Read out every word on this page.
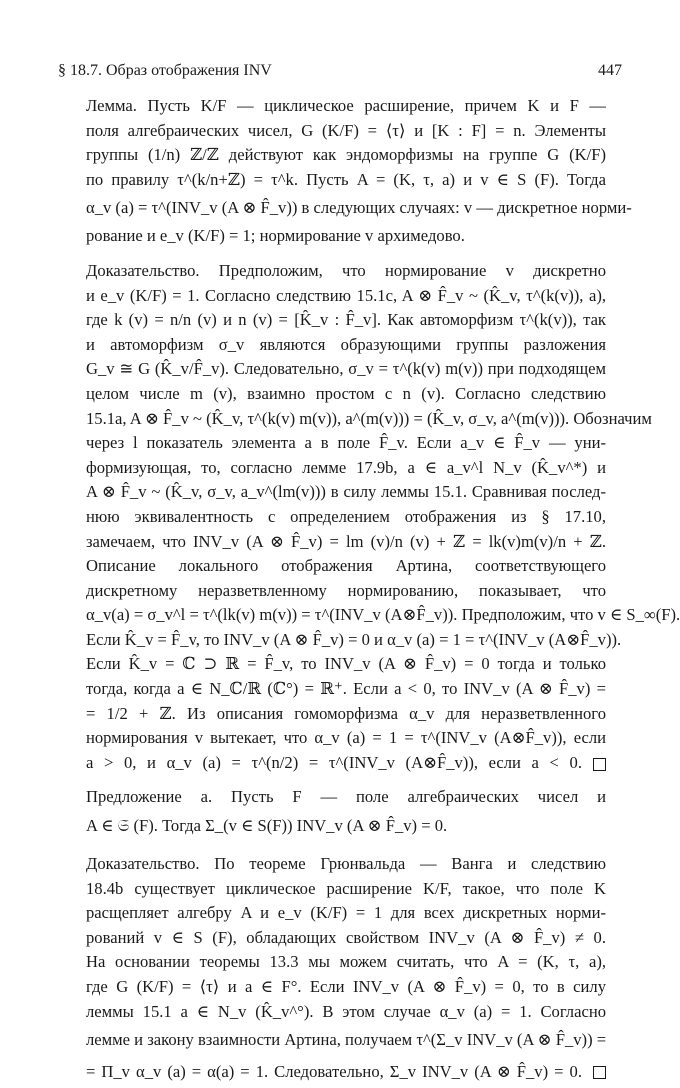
§ 18.7. Образ отображения INV	447
Лемма. Пусть K/F — циклическое расширение, причем K и F —
поля алгебраических чисел, G (K/F) = ⟨τ⟩ и [K : F] = n. Элементы
группы (1/n) ℤ/ℤ действуют как эндоморфизмы на группе G (K/F)
по правилу τ^(k/n+ℤ) = τ^k. Пусть A = (K, τ, a) и v ∈ S (F). Тогда
α_v (a) = τ^(INV_v (A ⊗ F̂_v)) в следующих случаях: v — дискретное норми-
рование и e_v (K/F) = 1; нормирование v архимедово.
Доказательство. Предположим, что нормирование v дискретно
и e_v (K/F) = 1. Согласно следствию 15.1c, A ⊗ F̂_v ~ (K̂_v, τ^(k(v)), a),
где k (v) = n/n (v) и n (v) = [K̂_v : F̂_v]. Как автоморфизм τ^(k(v)), так
и автоморфизм σ_v являются образующими группы разложения
G_v ≅ G (K̂_v/F̂_v). Следовательно, σ_v = τ^(k(v) m(v)) при подходящем
целом числе m (v), взаимно простом с n (v). Согласно следствию
15.1a, A ⊗ F̂_v ~ (K̂_v, τ^(k(v) m(v)), a^(m(v))) = (K̂_v, σ_v, a^(m(v))). Обозначим
через l показатель элемента a в поле F̂_v. Если a_v ∈ F̂_v — уни-
формизующая, то, согласно лемме 17.9b, a ∈ a_v^l N_v (K̂_v^*) и
A ⊗ F̂_v ~ (K̂_v, σ_v, a_v^(lm(v))) в силу леммы 15.1. Сравнивая послед-
нюю эквивалентность с определением отображения из § 17.10,
замечаем, что INV_v (A ⊗ F̂_v) = lm (v)/n (v) + ℤ = lk(v)m(v)/n + ℤ.
Описание локального отображения Артина, соответствующего
дискретному неразветвленному нормированию, показывает, что
α_v(a) = σ_v^l = τ^(lk(v) m(v)) = τ^(INV_v (A⊗F̂_v)). Предположим, что v ∈ S_∞(F).
Если K̂_v = F̂_v, то INV_v (A ⊗ F̂_v) = 0 и α_v (a) = 1 = τ^(INV_v (A⊗F̂_v)).
Если K̂_v = ℂ ⊃ ℝ = F̂_v, то INV_v (A ⊗ F̂_v) = 0 тогда и только
тогда, когда a ∈ N_ℂ/ℝ (ℂ°) = ℝ⁺. Если a < 0, то INV_v (A ⊗ F̂_v) =
= 1/2 + ℤ. Из описания гомоморфизма α_v для неразветвленного
нормирования v вытекает, что α_v (a) = 1 = τ^(INV_v (A⊗F̂_v)), если
a > 0, и α_v (a) = τ^(n/2) = τ^(INV_v (A⊗F̂_v)), если a < 0.
Предложение a. Пусть F — поле алгебраических чисел и
A ∈ 𝔖 (F). Тогда Σ_(v ∈ S(F)) INV_v (A ⊗ F̂_v) = 0.
Доказательство. По теореме Грюнвальда — Ванга и следствию
18.4b существует циклическое расширение K/F, такое, что поле K
расщепляет алгебру A и e_v (K/F) = 1 для всех дискретных норми-
рований v ∈ S (F), обладающих свойством INV_v (A ⊗ F̂_v) ≠ 0.
На основании теоремы 13.3 мы можем считать, что A = (K, τ, a),
где G (K/F) = ⟨τ⟩ и a ∈ F°. Если INV_v (A ⊗ F̂_v) = 0, то в силу
леммы 15.1 a ∈ N_v (K̂_v^°). В этом случае α_v (a) = 1. Согласно
лемме и закону взаимности Артина, получаем τ^(Σ_v INV_v (A ⊗ F̂_v)) =
= Π_v α_v (a) = α(a) = 1. Следовательно, Σ_v INV_v (A ⊗ F̂_v) = 0.
